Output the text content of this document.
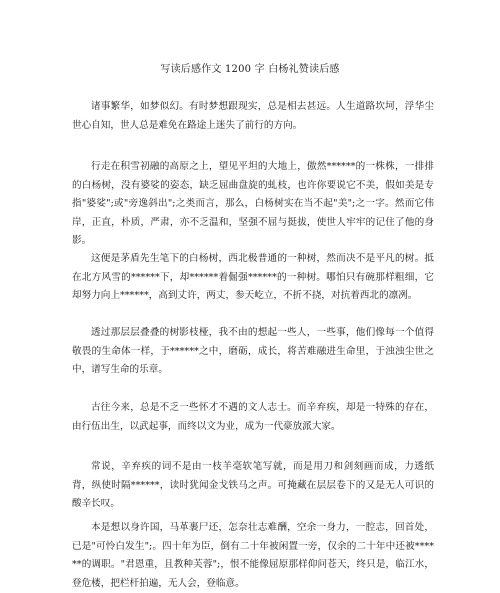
写读后感作文 1200 字 白杨礼赞读后感

诸事繁华，如梦似幻。有时梦想跟现实，总是相去甚远。人生道路坎坷，浮华尘世心自知，世人总是难免在路途上迷失了前行的方向。

行走在积雪初融的高原之上，望见平坦的大地上，傲然******的一株株，一排排的白杨树，没有婆娑的姿态，缺乏屈曲盘旋的虬枝，也许你要说它不美，假如美是专指"婆娑";或"旁逸斜出";之类而言，那么，白杨树实在当不起"美";之一字。然而它伟岸，正直，朴质，严肃，亦不乏温和，坚强不屈与挺拔，使世人牢牢的记住了他的身影。

这便是茅盾先生笔下的白杨树，西北极普通的一种树，然而决不是平凡的树。抵在北方风雪的******下，却******着倔强******的一种树。哪怕只有碗那样粗细，它却努力向上******，高到丈许，两丈，参天屹立，不折不挠，对抗着西北的凛冽。

透过那层层叠叠的树影枝桠，我不由的想起一些人，一些事，他们像每一个值得敬畏的生命体一样，于******之中，磨砺，成长，将苦难融进生命里，于浊浊尘世之中，谱写生命的乐章。

古往今来，总是不乏一些怀才不遇的文人志士。而辛弃疾，却是一特殊的存在，由行伍出生，以武起事，而终以文为业，成为一代豪放派大家。

常说，辛弃疾的词不是由一枝羊毫软笔写就，而是用刀和剑刻画而成，力透纸背，纵使时隔******，读时犹闻金戈铁马之声。可掩藏在层层卷下的又是无人可识的酸辛长叹。

本是想以身许国，马革裹尸还，怎奈壮志难酬，空余一身力，一腔志，回首处，已是"可怜白发生";。四十年为臣，倒有二十年被闲置一旁，仅余的二十年中还被******的调职。"君恩重，且教种芙蓉";，恨不能像屈原那样仰问苍天，终只是，临江水，登危楼，把栏杆拍遍，无人会，登临意。
